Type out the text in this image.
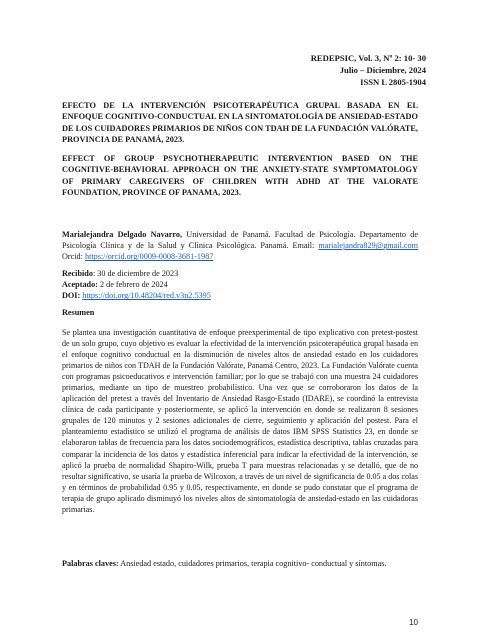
REDEPSIC, Vol. 3, Nº 2: 10- 30
Julio – Diciembre, 2024
ISSN L 2805-1904
EFECTO DE LA INTERVENCIÓN PSICOTERAPÉUTICA GRUPAL BASADA EN EL ENFOQUE COGNITIVO-CONDUCTUAL EN LA SINTOMATOLOGÍA DE ANSIEDAD-ESTADO DE LOS CUIDADORES PRIMARIOS DE NIÑOS CON TDAH DE LA FUNDACIÓN VALÓRATE, PROVINCIA DE PANAMÁ, 2023.
EFFECT OF GROUP PSYCHOTHERAPEUTIC INTERVENTION BASED ON THE COGNITIVE-BEHAVIORAL APPROACH ON THE ANXIETY-STATE SYMPTOMATOLOGY OF PRIMARY CAREGIVERS OF CHILDREN WITH ADHD AT THE VALORATE FOUNDATION, PROVINCE OF PANAMA, 2023.
Marialejandra Delgado Navarro, Universidad de Panamá. Facultad de Psicología. Departamento de Psicología Clínica y de la Salud y Clínica Psicológica. Panamá. Email: marialejandra829@gmail.com Orcid: https://orcid.org/0009-0008-3681-1987
Recibido: 30 de diciembre de 2023
Aceptado: 2 de febrero de 2024
DOI: https://doi.org/10.48204/red.v3n2.5395
Resumen
Se plantea una investigación cuantitativa de enfoque preexperimental de tipo explicativo con pretest-postest de un solo grupo, cuyo objetivo es evaluar la efectividad de la intervención psicoterapéutica grupal basada en el enfoque cognitivo conductual en la disminución de niveles altos de ansiedad estado en los cuidadores primarios de niños con TDAH de la Fundación Valórate, Panamá Centro, 2023. La Fundación Valórate cuenta con programas psicoeducativos e intervención familiar; por lo que se trabajó con una muestra 24 cuidadores primarios, mediante un tipo de muestreo probabilístico. Una vez que se corroboraron los datos de la aplicación del pretest a través del Inventario de Ansiedad Rasgo-Estado (IDARE), se coordinó la entrevista clínica de cada participante y posteriormente, se aplicó la intervención en donde se realizaron 8 sesiones grupales de 120 minutos y 2 sesiones adicionales de cierre, seguimiento y aplicación del postest. Para el planteamiento estadístico se utilizó el programa de análisis de datos IBM SPSS Statistics 23, en donde se elaboraron tablas de frecuencia para los datos sociodemográficos, estadística descriptiva, tablas cruzadas para comparar la incidencia de los datos y estadística inferencial para indicar la efectividad de la intervención, se aplicó la prueba de normalidad Shapiro-Wilk, prueba T para muestras relacionadas y se detalló, que de no resultar significativo, se usaría la prueba de Wilcoxon, a través de un nivel de significancia de 0.05 a dos colas y en términos de probabilidad 0.95 y 0.05, respectivamente, en donde se pudo constatar que el programa de terapia de grupo aplicado disminuyó los niveles altos de sintomatología de ansiedad-estado en las cuidadoras primarias.
Palabras claves: Ansiedad estado, cuidadores primarios, terapia cognitivo- conductual y síntomas.
10
